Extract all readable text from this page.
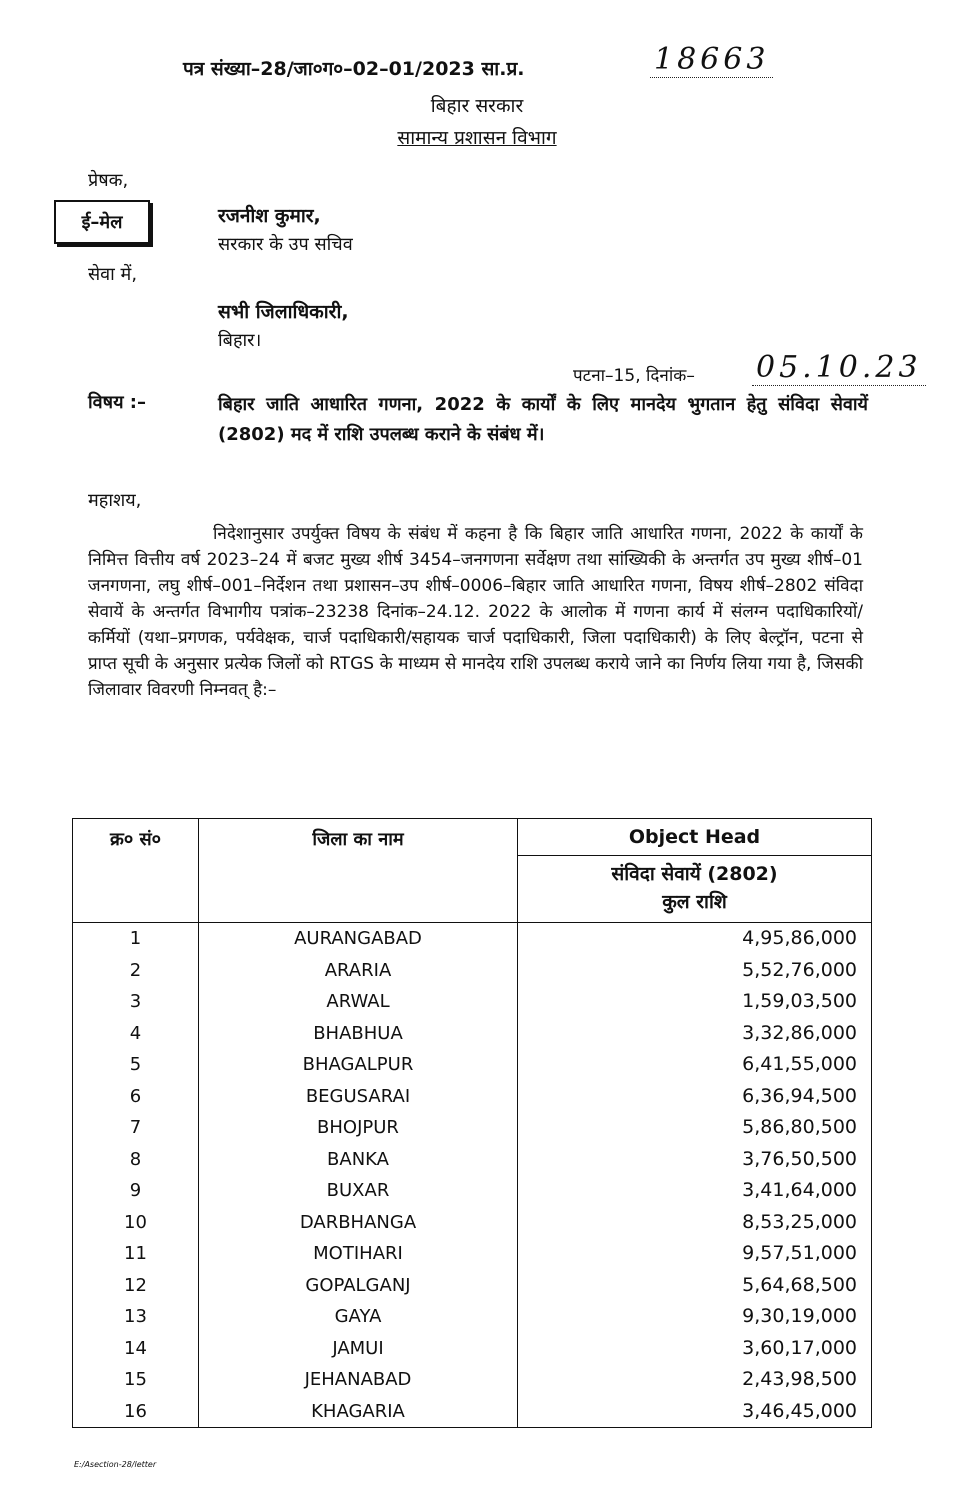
पत्र संख्या–28/जा०ग०–02–01/2023 सा.प्र.	18663
बिहार सरकार
सामान्य प्रशासन विभाग
प्रेषक,
ई–मेल	रजनीश कुमार,
सरकार के उप सचिव
सेवा में,
सभी जिलाधिकारी,
बिहार।
पटना–15, दिनांक– 05.10.23
विषय :–	बिहार जाति आधारित गणना, 2022 के कार्यों के लिए मानदेय भुगतान हेतु संविदा सेवायें (2802) मद में राशि उपलब्ध कराने के संबंध में।
महाशय,
निदेशानुसार उपर्युक्त विषय के संबंध में कहना है कि बिहार जाति आधारित गणना, 2022 के कार्यों के निमित्त वित्तीय वर्ष 2023–24 में बजट मुख्य शीर्ष 3454–जनगणना सर्वेक्षण तथा सांख्यिकी के अन्तर्गत उप मुख्य शीर्ष–01 जनगणना, लघु शीर्ष–001–निर्देशन तथा प्रशासन–उप शीर्ष–0006–बिहार जाति आधारित गणना, विषय शीर्ष–2802 संविदा सेवायें के अन्तर्गत विभागीय पत्रांक–23238 दिनांक–24.12. 2022 के आलोक में गणना कार्य में संलग्न पदाधिकारियों/कर्मियों (यथा–प्रगणक, पर्यवेक्षक, चार्ज पदाधिकारी/सहायक चार्ज पदाधिकारी, जिला पदाधिकारी) के लिए बेल्ट्रॉन, पटना से प्राप्त सूची के अनुसार प्रत्येक जिलों को RTGS के माध्यम से मानदेय राशि उपलब्ध कराये जाने का निर्णय लिया गया है, जिसकी जिलावार विवरणी निम्नवत् है:–
क्र० सं०	जिला का नाम	Object Head

		संविदा सेवायें (2802)
कुल राशि

1	AURANGABAD	4,95,86,000
2	ARARIA	5,52,76,000
3	ARWAL	1,59,03,500
4	BHABHUA	3,32,86,000
5	BHAGALPUR	6,41,55,000
6	BEGUSARAI	6,36,94,500
7	BHOJPUR	5,86,80,500
8	BANKA	3,76,50,500
9	BUXAR	3,41,64,000
10	DARBHANGA	8,53,25,000
11	MOTIHARI	9,57,51,000
12	GOPALGANJ	5,64,68,500
13	GAYA	9,30,19,000
14	JAMUI	3,60,17,000
15	JEHANABAD	2,43,98,500
16	KHAGARIA	3,46,45,000
E:/Asection-28/letter
